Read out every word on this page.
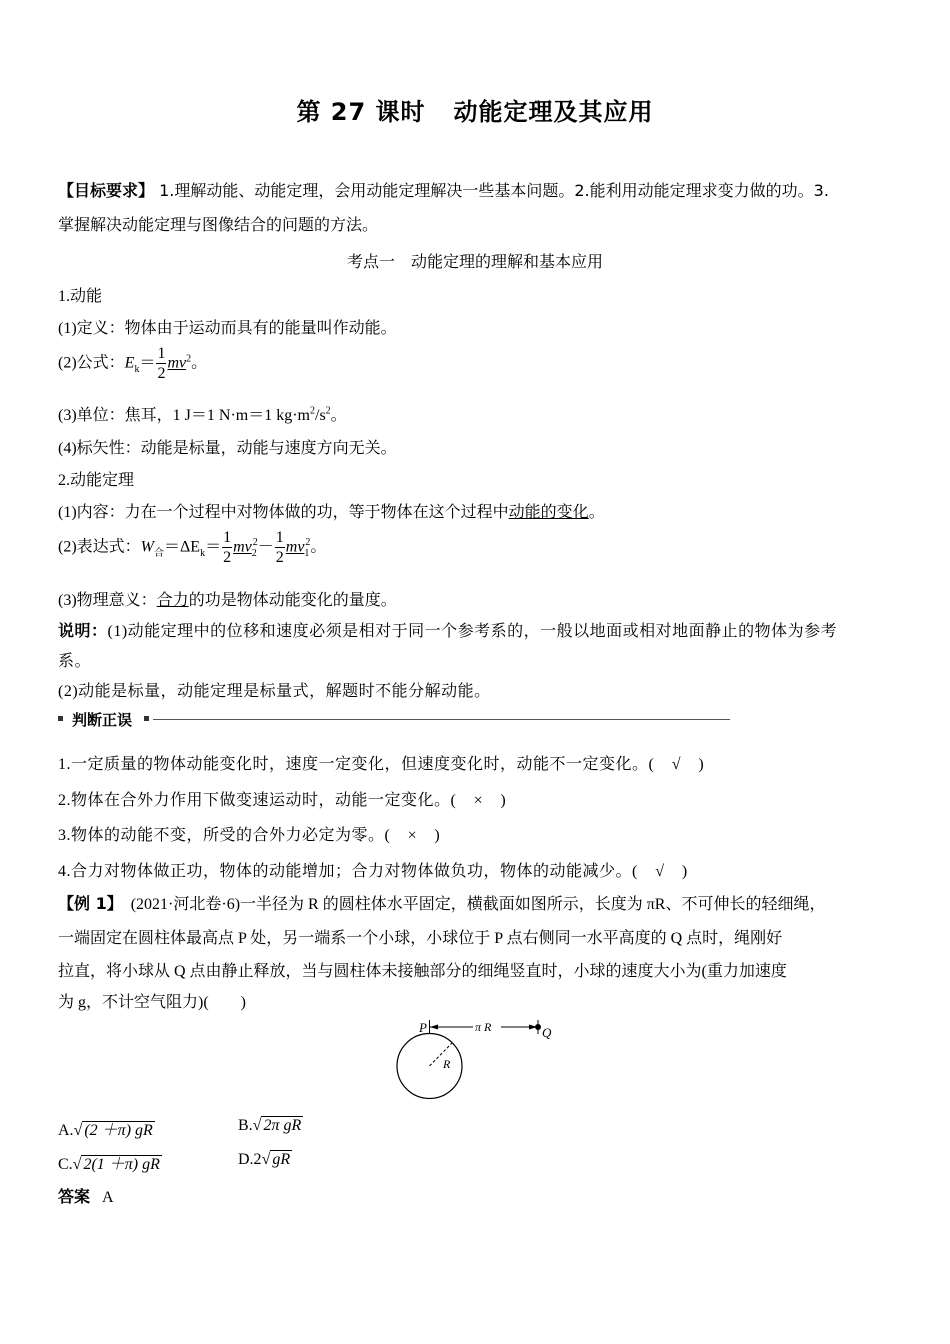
第 27 课时 动能定理及其应用
【目标要求】 1.理解动能、动能定理，会用动能定理解决一些基本问题。2.能利用动能定理求变力做的功。3.
掌握解决动能定理与图像结合的问题的方法。
考点一　动能定理的理解和基本应用
1.动能
(1)定义：物体由于运动而具有的能量叫作动能。
(2)公式：$E_k= \frac{1}{2} mv^2$。
(3)单位：焦耳，1 J＝1 N·m＝1 $kg\cdot m^2/s^2$。
(4)标矢性：动能是标量，动能与速度方向无关。
2.动能定理
(1)内容：力在一个过程中对物体做的功，等于物体在这个过程中动能的变化。
(2)表达式：$W_合=\Delta E_k= \frac{1}{2} mv_2^2- \frac{1}{2} mv_1^2$。
(3)物理意义：合力的功是物体动能变化的量度。
说明：(1)动能定理中的位移和速度必须是相对于同一个参考系的，一般以地面或相对地面静止的物体为参考
系。
(2)动能是标量，动能定理是标量式，解题时不能分解动能。
判断正误
1.一定质量的物体动能变化时，速度一定变化，但速度变化时，动能不一定变化。( √ )
2.物体在合外力作用下做变速运动时，动能一定变化。( × )
3.物体的动能不变，所受的合外力必定为零。( × )
4.合力对物体做正功，物体的动能增加；合力对物体做负功，物体的动能减少。( √ )
【例 1】 (2021·河北卷·6)一半径为 R 的圆柱体水平固定，横截面如图所示，长度为 πR、不可伸长的轻细绳，
一端固定在圆柱体最高点 P 处，另一端系一个小球，小球位于 P 点右侧同一水平高度的 Q 点时，绳刚好
拉直，将小球从 Q 点由静止释放，当与圆柱体未接触部分的细绳竖直时，小球的速度大小为(重力加速度
为 g，不计空气阻力)(　　)
P	Q
π R
R
A.√ (2 ＋π) gR	B.√ 2π gR
C.√ 2(1 ＋π) gR	D.2√ gR
答案 A
